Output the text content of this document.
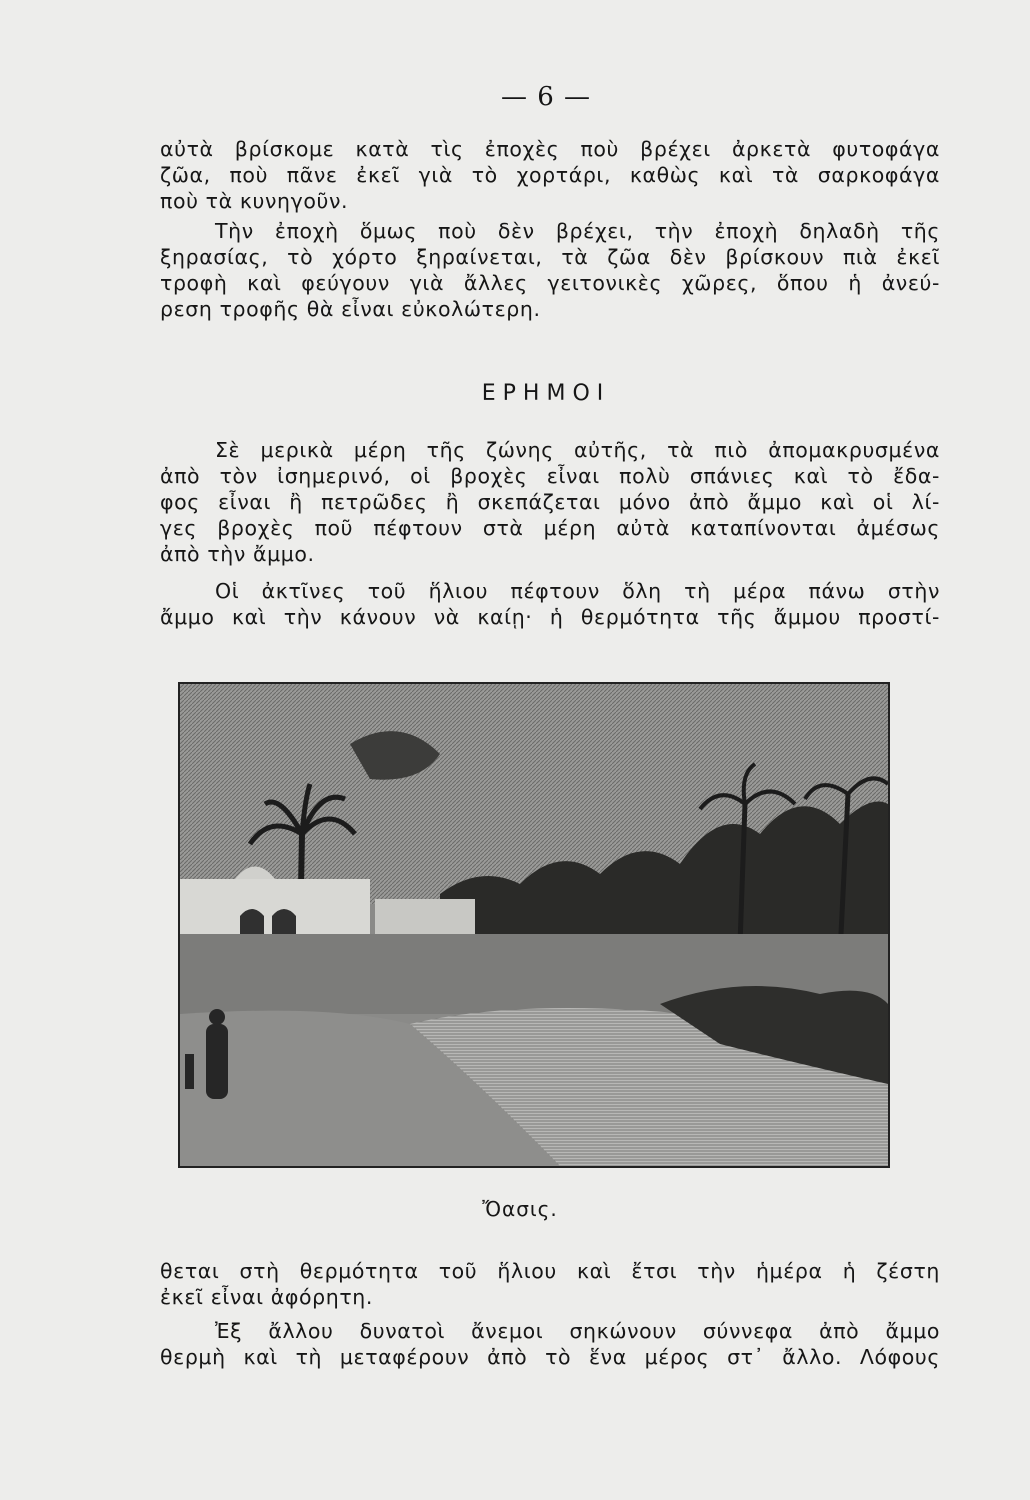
— 6 —
αὐτὰ βρίσκομε κατὰ τὶς ἐποχὲς ποὺ βρέχει ἀρκετὰ φυτοφάγα
ζῶα, ποὺ πᾶνε ἐκεῖ γιὰ τὸ χορτάρι, καθὼς καὶ τὰ σαρκοφάγα
ποὺ τὰ κυνηγοῦν.
Τὴν ἐποχὴ ὅμως ποὺ δὲν βρέχει, τὴν ἐποχὴ δηλαδὴ τῆς
ξηρασίας, τὸ χόρτο ξηραίνεται, τὰ ζῶα δὲν βρίσκουν πιὰ ἐκεῖ
τροφὴ καὶ φεύγουν γιὰ ἄλλες γειτονικὲς χῶρες, ὅπου ἡ ἀνεύ-
ρεση τροφῆς θὰ εἶναι εὐκολώτερη.
ΕΡΗΜΟΙ
Σὲ μερικὰ μέρη τῆς ζώνης αὐτῆς, τὰ πιὸ ἀπομακρυσμένα
ἀπὸ τὸν ἰσημερινό, οἱ βροχὲς εἶναι πολὺ σπάνιες καὶ τὸ ἔδα-
φος εἶναι ἢ πετρῶδες ἢ σκεπάζεται μόνο ἀπὸ ἄμμο καὶ οἱ λί-
γες βροχὲς ποῦ πέφτουν στὰ μέρη αὐτὰ καταπίνονται ἀμέσως
ἀπὸ τὴν ἄμμο.
Οἱ ἀκτῖνες τοῦ ἥλιου πέφτουν ὅλη τὴ μέρα πάνω στὴν
ἄμμο καὶ τὴν κάνουν νὰ καίῃ· ἡ θερμότητα τῆς ἄμμου προστί-
Ὄασις.
θεται στὴ θερμότητα τοῦ ἥλιου καὶ ἔτσι τὴν ἡμέρα ἡ ζέστη
ἐκεῖ εἶναι ἀφόρητη.
Ἐξ ἄλλου δυνατοὶ ἄνεμοι σηκώνουν σύννεφα ἀπὸ ἄμμο
θερμὴ καὶ τὴ μεταφέρουν ἀπὸ τὸ ἕνα μέρος στ᾽ ἄλλο. Λόφους
